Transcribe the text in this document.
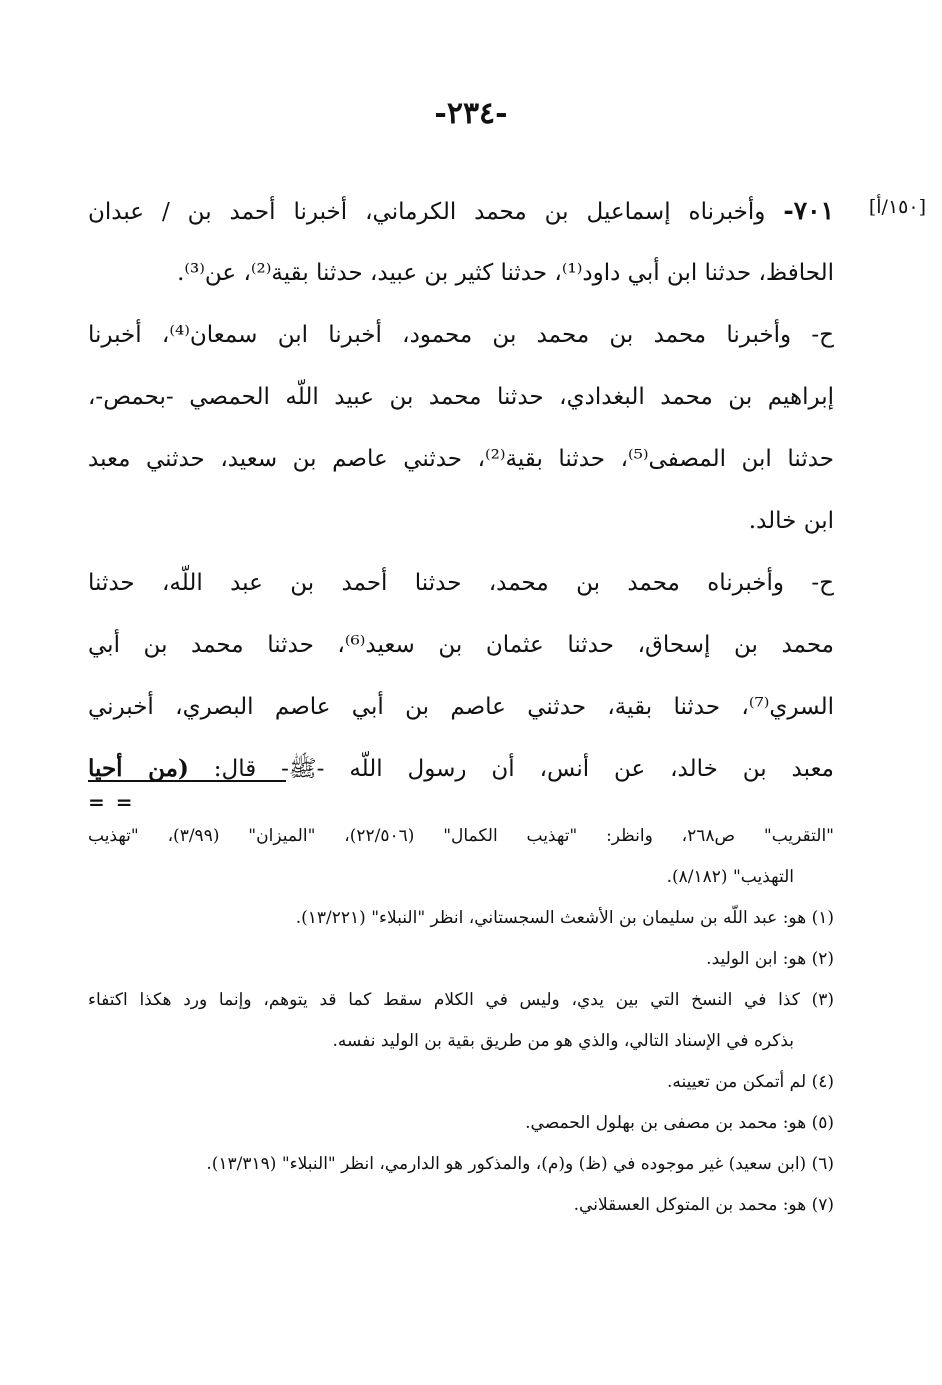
-٢٣٤-
[١٥٠/أ]
٧٠١- وأخبرناه إسماعيل بن محمد الكرماني، أخبرنا أحمد بن / عبدان
الحافظ، حدثنا ابن أبي داود⁽¹⁾، حدثنا كثير بن عبيد، حدثنا بقية⁽²⁾، عن⁽³⁾.
ح- وأخبرنا محمد بن محمد بن محمود، أخبرنا ابن سمعان⁽⁴⁾، أخبرنا
إبراهيم بن محمد البغدادي، حدثنا محمد بن عبيد اللّه الحمصي -بحمص-،
حدثنا ابن المصفى⁽⁵⁾، حدثنا بقية⁽²⁾، حدثني عاصم بن سعيد، حدثني معبد
ابن خالد.
ح- وأخبرناه محمد بن محمد، حدثنا أحمد بن عبد اللّه، حدثنا
محمد بن إسحاق، حدثنا عثمان بن سعيد⁽⁶⁾، حدثنا محمد بن أبي
السري⁽⁷⁾، حدثنا بقية، حدثني عاصم بن أبي عاصم البصري، أخبرني
معبد بن خالد، عن أنس، أن رسول اللّه -ﷺ- قال: (من أحيا
= =
"التقريب" ص٢٦٨، وانظر: "تهذيب الكمال" (٢٢/٥٠٦)، "الميزان" (٣/٩٩)، "تهذيب
التهذيب" (٨/١٨٢).
(١) هو: عبد اللّه بن سليمان بن الأشعث السجستاني، انظر "النبلاء" (١٣/٢٢١).
(٢) هو: ابن الوليد.
(٣) كذا في النسخ التي بين يدي، وليس في الكلام سقط كما قد يتوهم، وإنما ورد هكذا اكتفاء
بذكره في الإسناد التالي، والذي هو من طريق بقية بن الوليد نفسه.
(٤) لم أتمكن من تعيينه.
(٥) هو: محمد بن مصفى بن بهلول الحمصي.
(٦) (ابن سعيد) غير موجوده في (ظ) و(م)، والمذكور هو الدارمي، انظر "النبلاء" (١٣/٣١٩).
(٧) هو: محمد بن المتوكل العسقلاني.
